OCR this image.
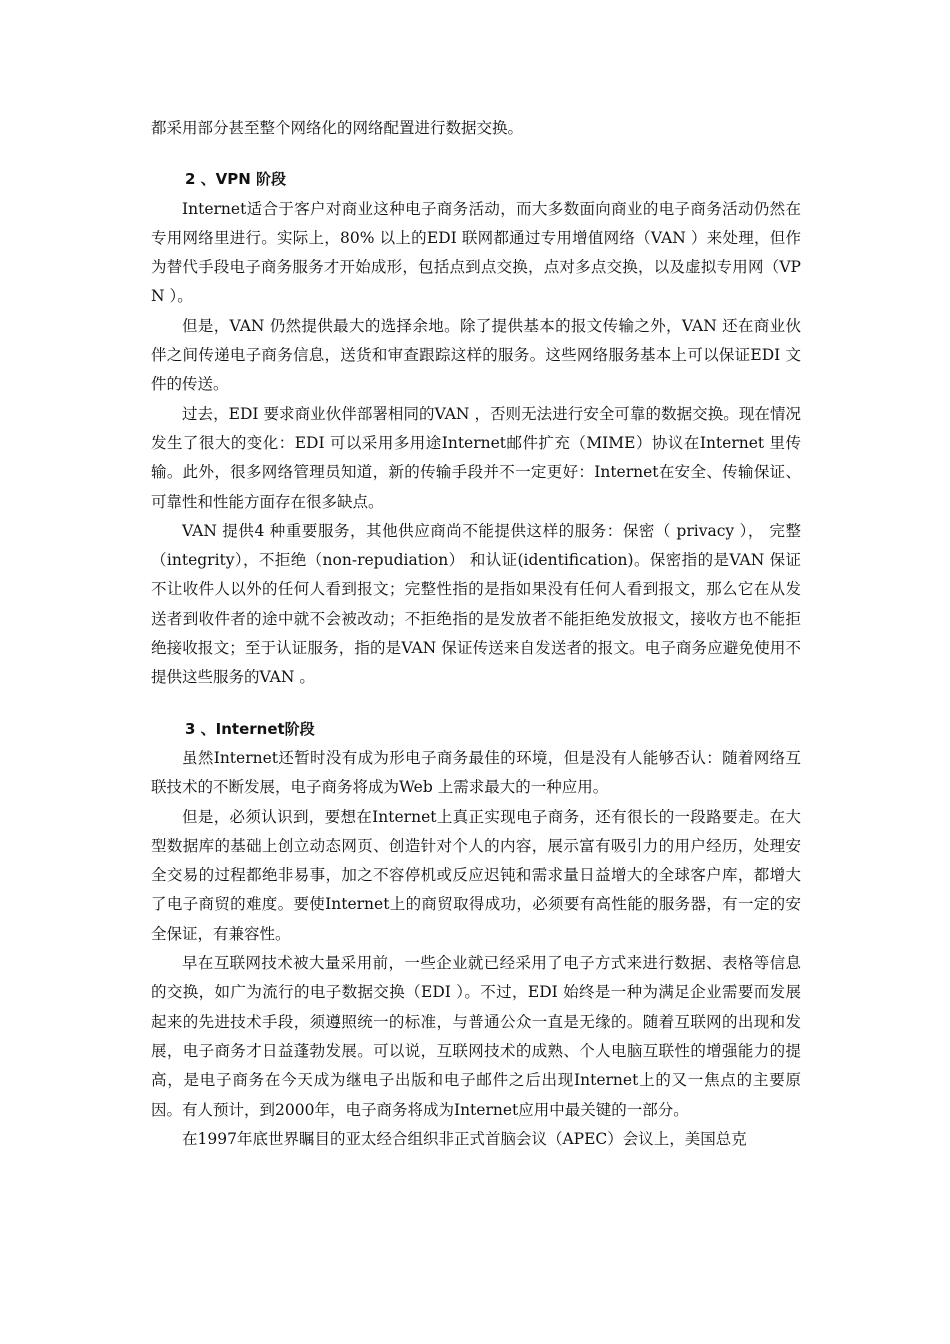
都采用部分甚至整个网络化的网络配置进行数据交换。

2 、VPN 阶段

Internet适合于客户对商业这种电子商务活动，而大多数面向商业的电子商务活动仍然在专用网络里进行。实际上，80% 以上的EDI 联网都通过专用增值网络（VAN ）来处理，但作为替代手段电子商务服务才开始成形，包括点到点交换，点对多点交换，以及虚拟专用网（VPN ）。

但是，VAN 仍然提供最大的选择余地。除了提供基本的报文传输之外，VAN 还在商业伙伴之间传递电子商务信息，送货和审查跟踪这样的服务。这些网络服务基本上可以保证EDI 文件的传送。

过去，EDI 要求商业伙伴部署相同的VAN ，否则无法进行安全可靠的数据交换。现在情况发生了很大的变化：EDI 可以采用多用途Internet邮件扩充（MIME）协议在Internet 里传输。此外，很多网络管理员知道，新的传输手段并不一定更好：Internet在安全、传输保证、可靠性和性能方面存在很多缺点。

VAN 提供4 种重要服务，其他供应商尚不能提供这样的服务：保密（ privacy ）， 完整（integrity），不拒绝（non-repudiation） 和认证(identification)。保密指的是VAN 保证不让收件人以外的任何人看到报文；完整性指的是指如果没有任何人看到报文，那么它在从发送者到收件者的途中就不会被改动；不拒绝指的是发放者不能拒绝发放报文，接收方也不能拒绝接收报文；至于认证服务，指的是VAN 保证传送来自发送者的报文。电子商务应避免使用不提供这些服务的VAN 。

3 、Internet阶段

虽然Internet还暂时没有成为形电子商务最佳的环境，但是没有人能够否认：随着网络互联技术的不断发展，电子商务将成为Web 上需求最大的一种应用。

但是，必须认识到，要想在Internet上真正实现电子商务，还有很长的一段路要走。在大型数据库的基础上创立动态网页、创造针对个人的内容，展示富有吸引力的用户经历，处理安全交易的过程都绝非易事，加之不容停机或反应迟钝和需求量日益增大的全球客户库，都增大了电子商贸的难度。要使Internet上的商贸取得成功，必须要有高性能的服务器，有一定的安全保证，有兼容性。

早在互联网技术被大量采用前，一些企业就已经采用了电子方式来进行数据、表格等信息的交换，如广为流行的电子数据交换（EDI ）。不过，EDI 始终是一种为满足企业需要而发展起来的先进技术手段，须遵照统一的标准，与普通公众一直是无缘的。随着互联网的出现和发展，电子商务才日益蓬勃发展。可以说，互联网技术的成熟、个人电脑互联性的增强能力的提高，是电子商务在今天成为继电子出版和电子邮件之后出现Internet上的又一焦点的主要原因。有人预计，到2000年，电子商务将成为Internet应用中最关键的一部分。

在1997年底世界瞩目的亚太经合组织非正式首脑会议（APEC）会议上，美国总克
